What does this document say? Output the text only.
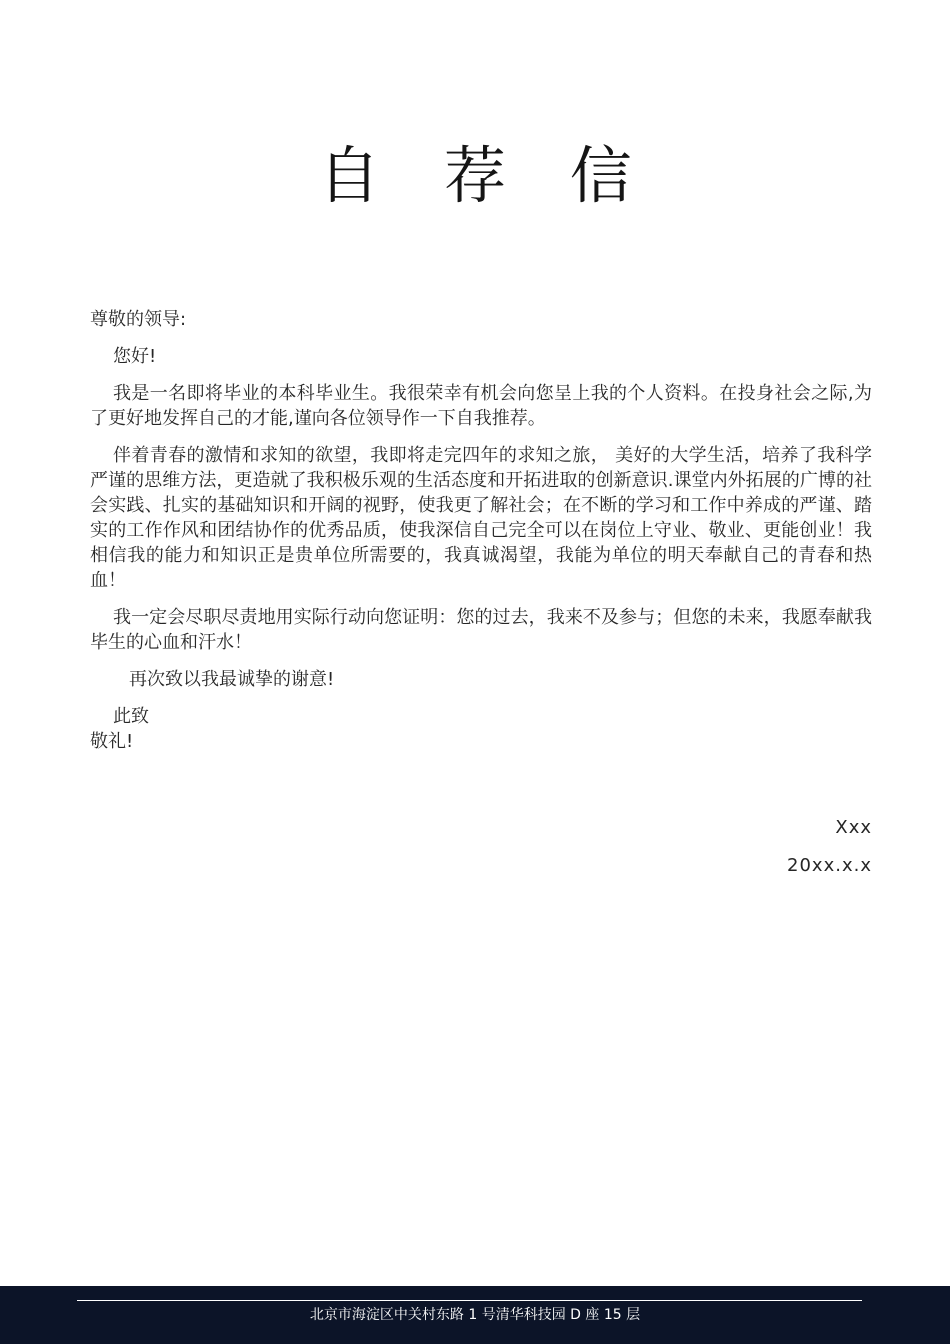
自 荐 信

尊敬的领导:

您好!

我是一名即将毕业的本科毕业生。我很荣幸有机会向您呈上我的个人资料。在投身社会之际,为了更好地发挥自己的才能,谨向各位领导作一下自我推荐。

伴着青春的激情和求知的欲望，我即将走完四年的求知之旅， 美好的大学生活，培养了我科学严谨的思维方法，更造就了我积极乐观的生活态度和开拓进取的创新意识.课堂内外拓展的广博的社会实践、扎实的基础知识和开阔的视野，使我更了解社会；在不断的学习和工作中养成的严谨、踏实的工作作风和团结协作的优秀品质，使我深信自己完全可以在岗位上守业、敬业、更能创业！我相信我的能力和知识正是贵单位所需要的，我真诚渴望，我能为单位的明天奉献自己的青春和热血！

我一定会尽职尽责地用实际行动向您证明：您的过去，我来不及参与；但您的未来，我愿奉献我毕生的心血和汗水！

再次致以我最诚挚的谢意!

此致

敬礼!

Xxx
20xx.x.x
北京市海淀区中关村东路 1 号清华科技园 D 座 15 层
